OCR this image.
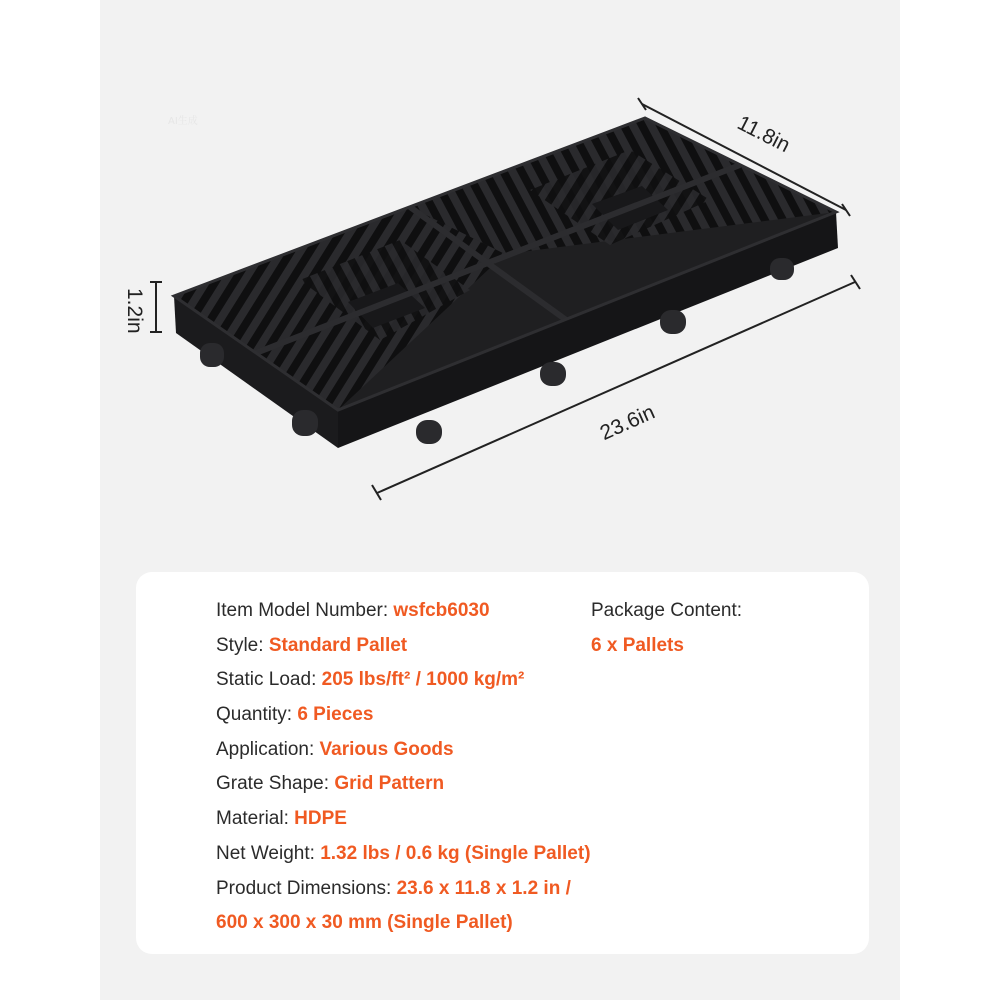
AI生成	11.8in
23.6in
1.2in
Item Model Number: wsfcb6030
Style: Standard Pallet
Static Load: 205 lbs/ft² / 1000 kg/m²
Quantity: 6 Pieces
Application: Various Goods
Grate Shape: Grid Pattern
Material: HDPE
Net Weight: 1.32 lbs / 0.6 kg (Single Pallet)
Product Dimensions: 23.6 x 11.8 x 1.2 in /
600 x 300 x 30 mm (Single Pallet)
Package Content:
6 x Pallets
